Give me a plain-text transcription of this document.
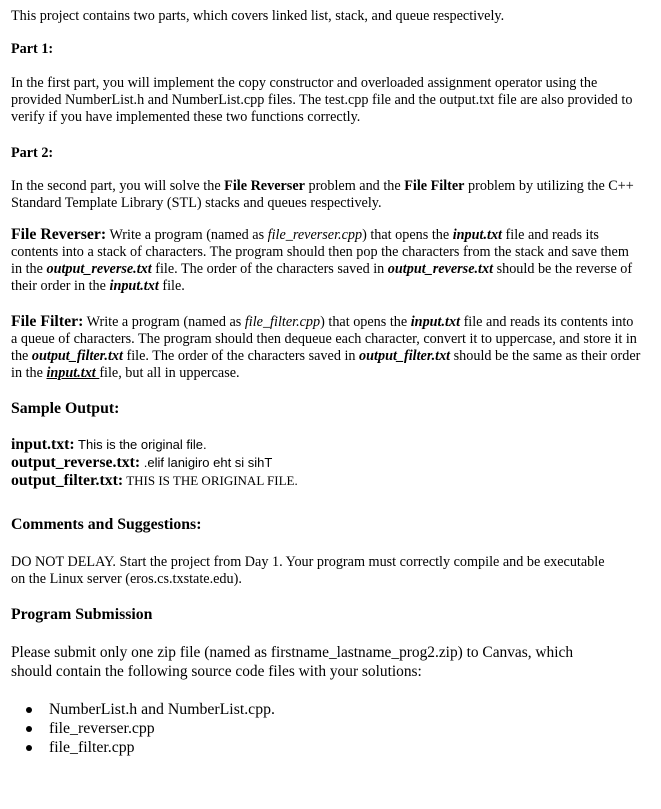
This project contains two parts, which covers linked list, stack, and queue respectively.

Part 1:

In the first part, you will implement the copy constructor and overloaded assignment operator using the provided NumberList.h and NumberList.cpp files. The test.cpp file and the output.txt file are also provided to verify if you have implemented these two functions correctly.

Part 2:

In the second part, you will solve the File Reverser problem and the File Filter problem by utilizing the C++ Standard Template Library (STL) stacks and queues respectively.

File Reverser: Write a program (named as file_reverser.cpp) that opens the input.txt file and reads its contents into a stack of characters. The program should then pop the characters from the stack and save them in the output_reverse.txt file. The order of the characters saved in output_reverse.txt should be the reverse of their order in the input.txt file.

File Filter: Write a program (named as file_filter.cpp) that opens the input.txt file and reads its contents into a queue of characters. The program should then dequeue each character, convert it to uppercase, and store it in the output_filter.txt file. The order of the characters saved in output_filter.txt should be the same as their order in the input.txt file, but all in uppercase.

Sample Output:

input.txt: This is the original file.

output_reverse.txt: .elif lanigiro eht si sihT

output_filter.txt: THIS IS THE ORIGINAL FILE.

Comments and Suggestions:

DO NOT DELAY. Start the project from Day 1. Your program must correctly compile and be executable on the Linux server (eros.cs.txstate.edu).

Program Submission

Please submit only one zip file (named as firstname_lastname_prog2.zip) to Canvas, which should contain the following source code files with your solutions:

NumberList.h and NumberList.cpp.
file_reverser.cpp
file_filter.cpp
